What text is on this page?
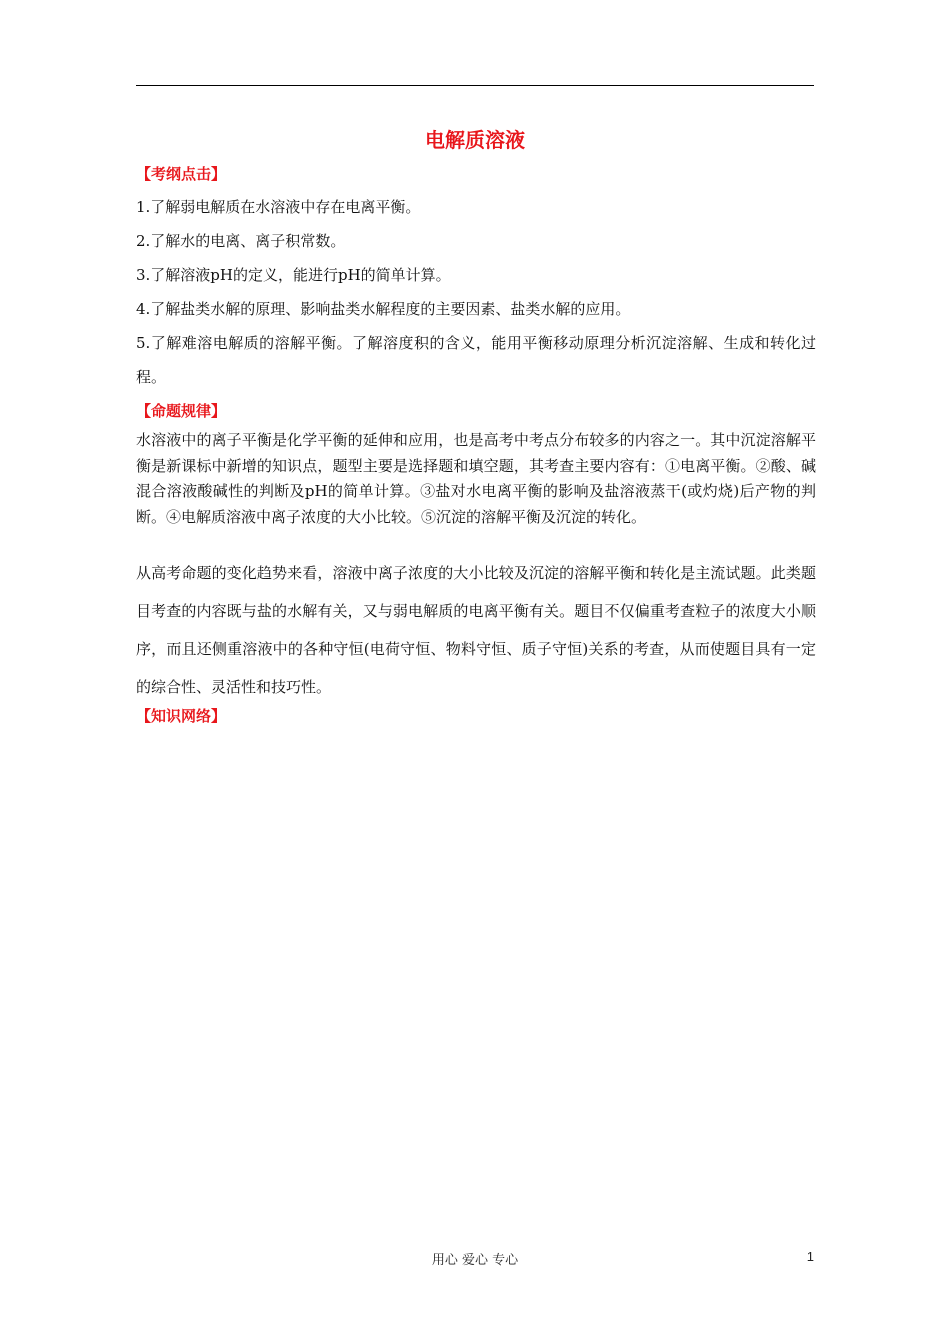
电解质溶液
【考纲点击】

1.了解弱电解质在水溶液中存在电离平衡。

2.了解水的电离、离子积常数。

3.了解溶液pH的定义，能进行pH的简单计算。

4.了解盐类水解的原理、影响盐类水解程度的主要因素、盐类水解的应用。

5.了解难溶电解质的溶解平衡。了解溶度积的含义，能用平衡移动原理分析沉淀溶解、生成和转化过程。

【命题规律】
水溶液中的离子平衡是化学平衡的延伸和应用，也是高考中考点分布较多的内容之一。其中沉淀溶解平衡是新课标中新增的知识点，题型主要是选择题和填空题，其考查主要内容有：①电离平衡。②酸、碱混合溶液酸碱性的判断及pH的简单计算。③盐对水电离平衡的影响及盐溶液蒸干(或灼烧)后产物的判断。④电解质溶液中离子浓度的大小比较。⑤沉淀的溶解平衡及沉淀的转化。
从高考命题的变化趋势来看，溶液中离子浓度的大小比较及沉淀的溶解平衡和转化是主流试题。此类题目考查的内容既与盐的水解有关，又与弱电解质的电离平衡有关。题目不仅偏重考查粒子的浓度大小顺序，而且还侧重溶液中的各种守恒(电荷守恒、物料守恒、质子守恒)关系的考查，从而使题目具有一定的综合性、灵活性和技巧性。
【知识网络】
用心 爱心 专心	1
